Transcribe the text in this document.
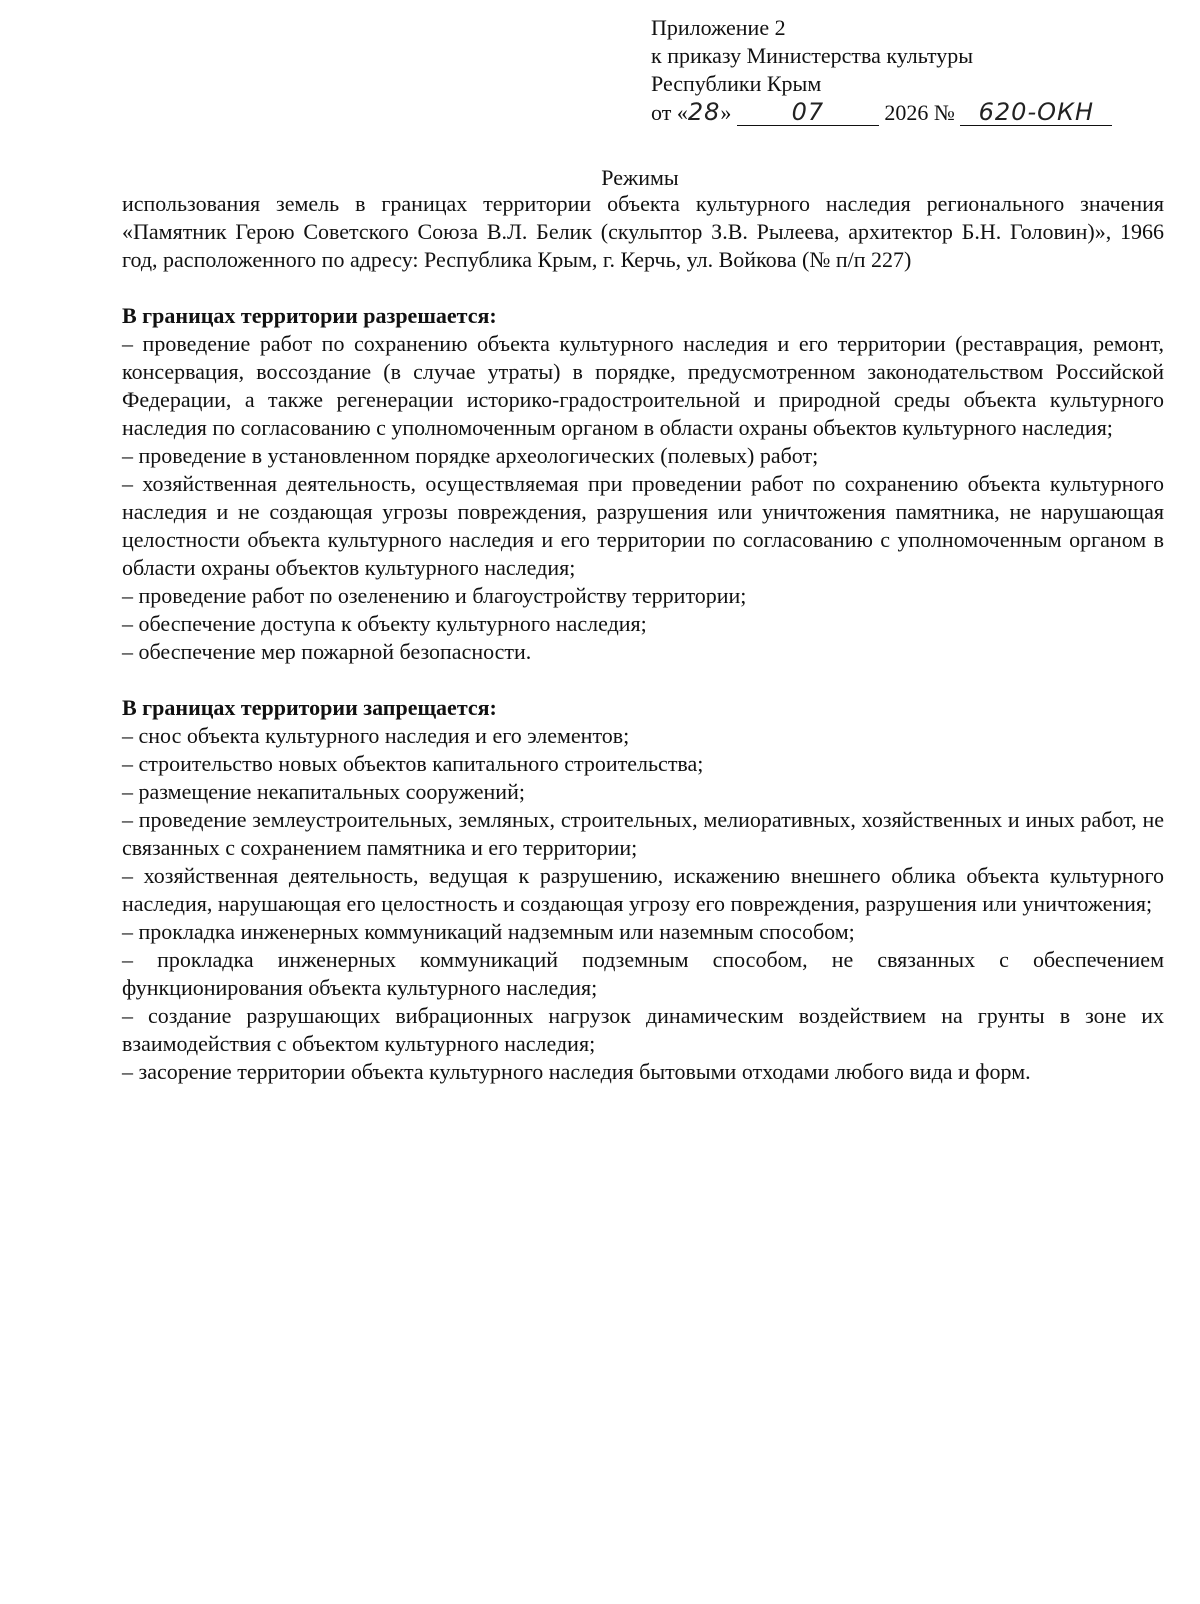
Приложение 2
к приказу Министерства культуры
Республики Крым
от «28»	07	2026 № 620-ОКН
Режимы

использования земель в границах территории объекта культурного наследия регионального значения «Памятник Герою Советского Союза В.Л. Белик (скульптор З.В. Рылеева, архитектор Б.Н. Головин)», 1966 год, расположенного по адресу: Республика Крым, г. Керчь, ул. Войкова (№ п/п 227)

В границах территории разрешается:

– проведение работ по сохранению объекта культурного наследия и его территории (реставрация, ремонт, консервация, воссоздание (в случае утраты) в порядке, предусмотренном законодательством Российской Федерации, а также регенерации историко-градостроительной и природной среды объекта культурного наследия по согласованию с уполномоченным органом в области охраны объектов культурного наследия;

– проведение в установленном порядке археологических (полевых) работ;

– хозяйственная деятельность, осуществляемая при проведении работ по сохранению объекта культурного наследия и не создающая угрозы повреждения, разрушения или уничтожения памятника, не нарушающая целостности объекта культурного наследия и его территории по согласованию с уполномоченным органом в области охраны объектов культурного наследия;

– проведение работ по озеленению и благоустройству территории;

– обеспечение доступа к объекту культурного наследия;

– обеспечение мер пожарной безопасности.

В границах территории запрещается:

– снос объекта культурного наследия и его элементов;

– строительство новых объектов капитального строительства;

– размещение некапитальных сооружений;

– проведение землеустроительных, земляных, строительных, мелиоративных, хозяйственных и иных работ, не связанных с сохранением памятника и его территории;

– хозяйственная деятельность, ведущая к разрушению, искажению внешнего облика объекта культурного наследия, нарушающая его целостность и создающая угрозу его повреждения, разрушения или уничтожения;

– прокладка инженерных коммуникаций надземным или наземным способом;

– прокладка инженерных коммуникаций подземным способом, не связанных с обеспечением функционирования объекта культурного наследия;

– создание разрушающих вибрационных нагрузок динамическим воздействием на грунты в зоне их взаимодействия с объектом культурного наследия;

– засорение территории объекта культурного наследия бытовыми отходами любого вида и форм.
